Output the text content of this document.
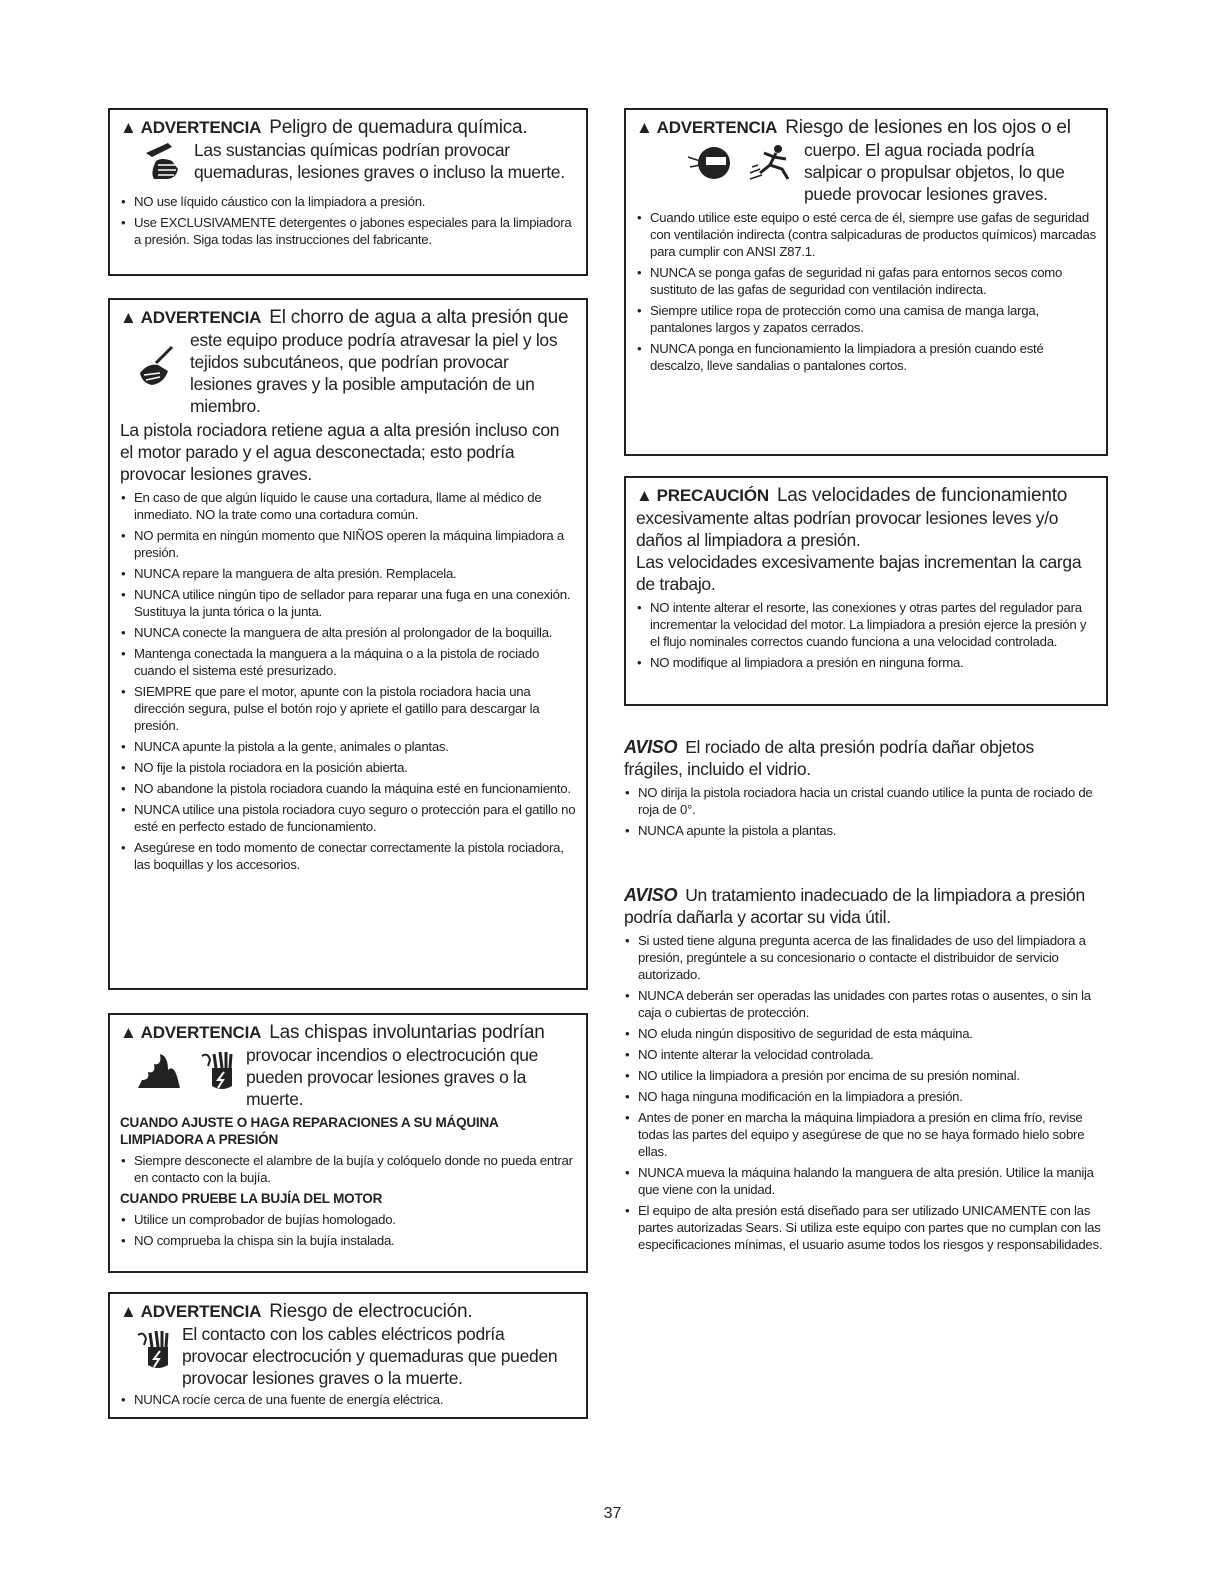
▲ ADVERTENCIA Peligro de quemadura química.
Las sustancias químicas podrían provocar quemaduras, lesiones graves o incluso la muerte.
• NO use líquido cáustico con la limpiadora a presión.
• Use EXCLUSIVAMENTE detergentes o jabones especiales para la limpiadora a presión. Siga todas las instrucciones del fabricante.
▲ ADVERTENCIA El chorro de agua a alta presión que
este equipo produce podría atravesar la piel y los tejidos subcutáneos, que podrían provocar lesiones graves y la posible amputación de un miembro.
La pistola rociadora retiene agua a alta presión incluso con el motor parado y el agua desconectada; esto podría provocar lesiones graves.
• En caso de que algún líquido le cause una cortadura, llame al médico de inmediato. NO la trate como una cortadura común.
• NO permita en ningún momento que NIÑOS operen la máquina limpiadora a presión.
• NUNCA repare la manguera de alta presión. Remplacela.
• NUNCA utilice ningún tipo de sellador para reparar una fuga en una conexión. Sustituya la junta tórica o la junta.
• NUNCA conecte la manguera de alta presión al prolongador de la boquilla.
• Mantenga conectada la manguera a la máquina o a la pistola de rociado cuando el sistema esté presurizado.
• SIEMPRE que pare el motor, apunte con la pistola rociadora hacia una dirección segura, pulse el botón rojo y apriete el gatillo para descargar la presión.
• NUNCA apunte la pistola a la gente, animales o plantas.
• NO fije la pistola rociadora en la posición abierta.
• NO abandone la pistola rociadora cuando la máquina esté en funcionamiento.
• NUNCA utilice una pistola rociadora cuyo seguro o protección para el gatillo no esté en perfecto estado de funcionamiento.
• Asegúrese en todo momento de conectar correctamente la pistola rociadora, las boquillas y los accesorios.
▲ ADVERTENCIA Las chispas involuntarias podrían
provocar incendios o electrocución que pueden provocar lesiones graves o la muerte.
CUANDO AJUSTE O HAGA REPARACIONES A SU MÁQUINA LIMPIADORA A PRESIÓN
• Siempre desconecte el alambre de la bujía y colóquelo donde no pueda entrar en contacto con la bujía.
CUANDO PRUEBE LA BUJÍA DEL MOTOR
• Utilice un comprobador de bujías homologado.
• NO comprueba la chispa sin la bujía instalada.
▲ ADVERTENCIA Riesgo de electrocución.
El contacto con los cables eléctricos podría provocar electrocución y quemaduras que pueden provocar lesiones graves o la muerte.
• NUNCA rocíe cerca de una fuente de energía eléctrica.
▲ ADVERTENCIA Riesgo de lesiones en los ojos o el
cuerpo. El agua rociada podría salpicar o propulsar objetos, lo que puede provocar lesiones graves.
• Cuando utilice este equipo o esté cerca de él, siempre use gafas de seguridad con ventilación indirecta (contra salpicaduras de productos químicos) marcadas para cumplir con ANSI Z87.1.
• NUNCA se ponga gafas de seguridad ni gafas para entornos secos como sustituto de las gafas de seguridad con ventilación indirecta.
• Siempre utilice ropa de protección como una camisa de manga larga, pantalones largos y zapatos cerrados.
• NUNCA ponga en funcionamiento la limpiadora a presión cuando esté descalzo, lleve sandalias o pantalones cortos.
▲ PRECAUCIÓN Las velocidades de funcionamiento
excesivamente altas podrían provocar lesiones leves y/o daños al limpiadora a presión.
Las velocidades excesivamente bajas incrementan la carga de trabajo.
• NO intente alterar el resorte, las conexiones y otras partes del regulador para incrementar la velocidad del motor. La limpiadora a presión ejerce la presión y el flujo nominales correctos cuando funciona a una velocidad controlada.
• NO modifique al limpiadora a presión en ninguna forma.
AVISO El rociado de alta presión podría dañar objetos frágiles, incluido el vidrio.
• NO dirija la pistola rociadora hacia un cristal cuando utilice la punta de rociado de roja de 0°.
• NUNCA apunte la pistola a plantas.
AVISO Un tratamiento inadecuado de la limpiadora a presión podría dañarla y acortar su vida útil.
• Si usted tiene alguna pregunta acerca de las finalidades de uso del limpiadora a presión, pregúntele a su concesionario o contacte el distribuidor de servicio autorizado.
• NUNCA deberán ser operadas las unidades con partes rotas o ausentes, o sin la caja o cubiertas de protección.
• NO eluda ningún dispositivo de seguridad de esta máquina.
• NO intente alterar la velocidad controlada.
• NO utilice la limpiadora a presión por encima de su presión nominal.
• NO haga ninguna modificación en la limpiadora a presión.
• Antes de poner en marcha la máquina limpiadora a presión en clima frío, revise todas las partes del equipo y asegúrese de que no se haya formado hielo sobre ellas.
• NUNCA mueva la máquina halando la manguera de alta presión. Utilice la manija que viene con la unidad.
• El equipo de alta presión está diseñado para ser utilizado UNICAMENTE con las partes autorizadas Sears. Si utiliza este equipo con partes que no cumplan con las especificaciones mínimas, el usuario asume todos los riesgos y responsabilidades.
37
